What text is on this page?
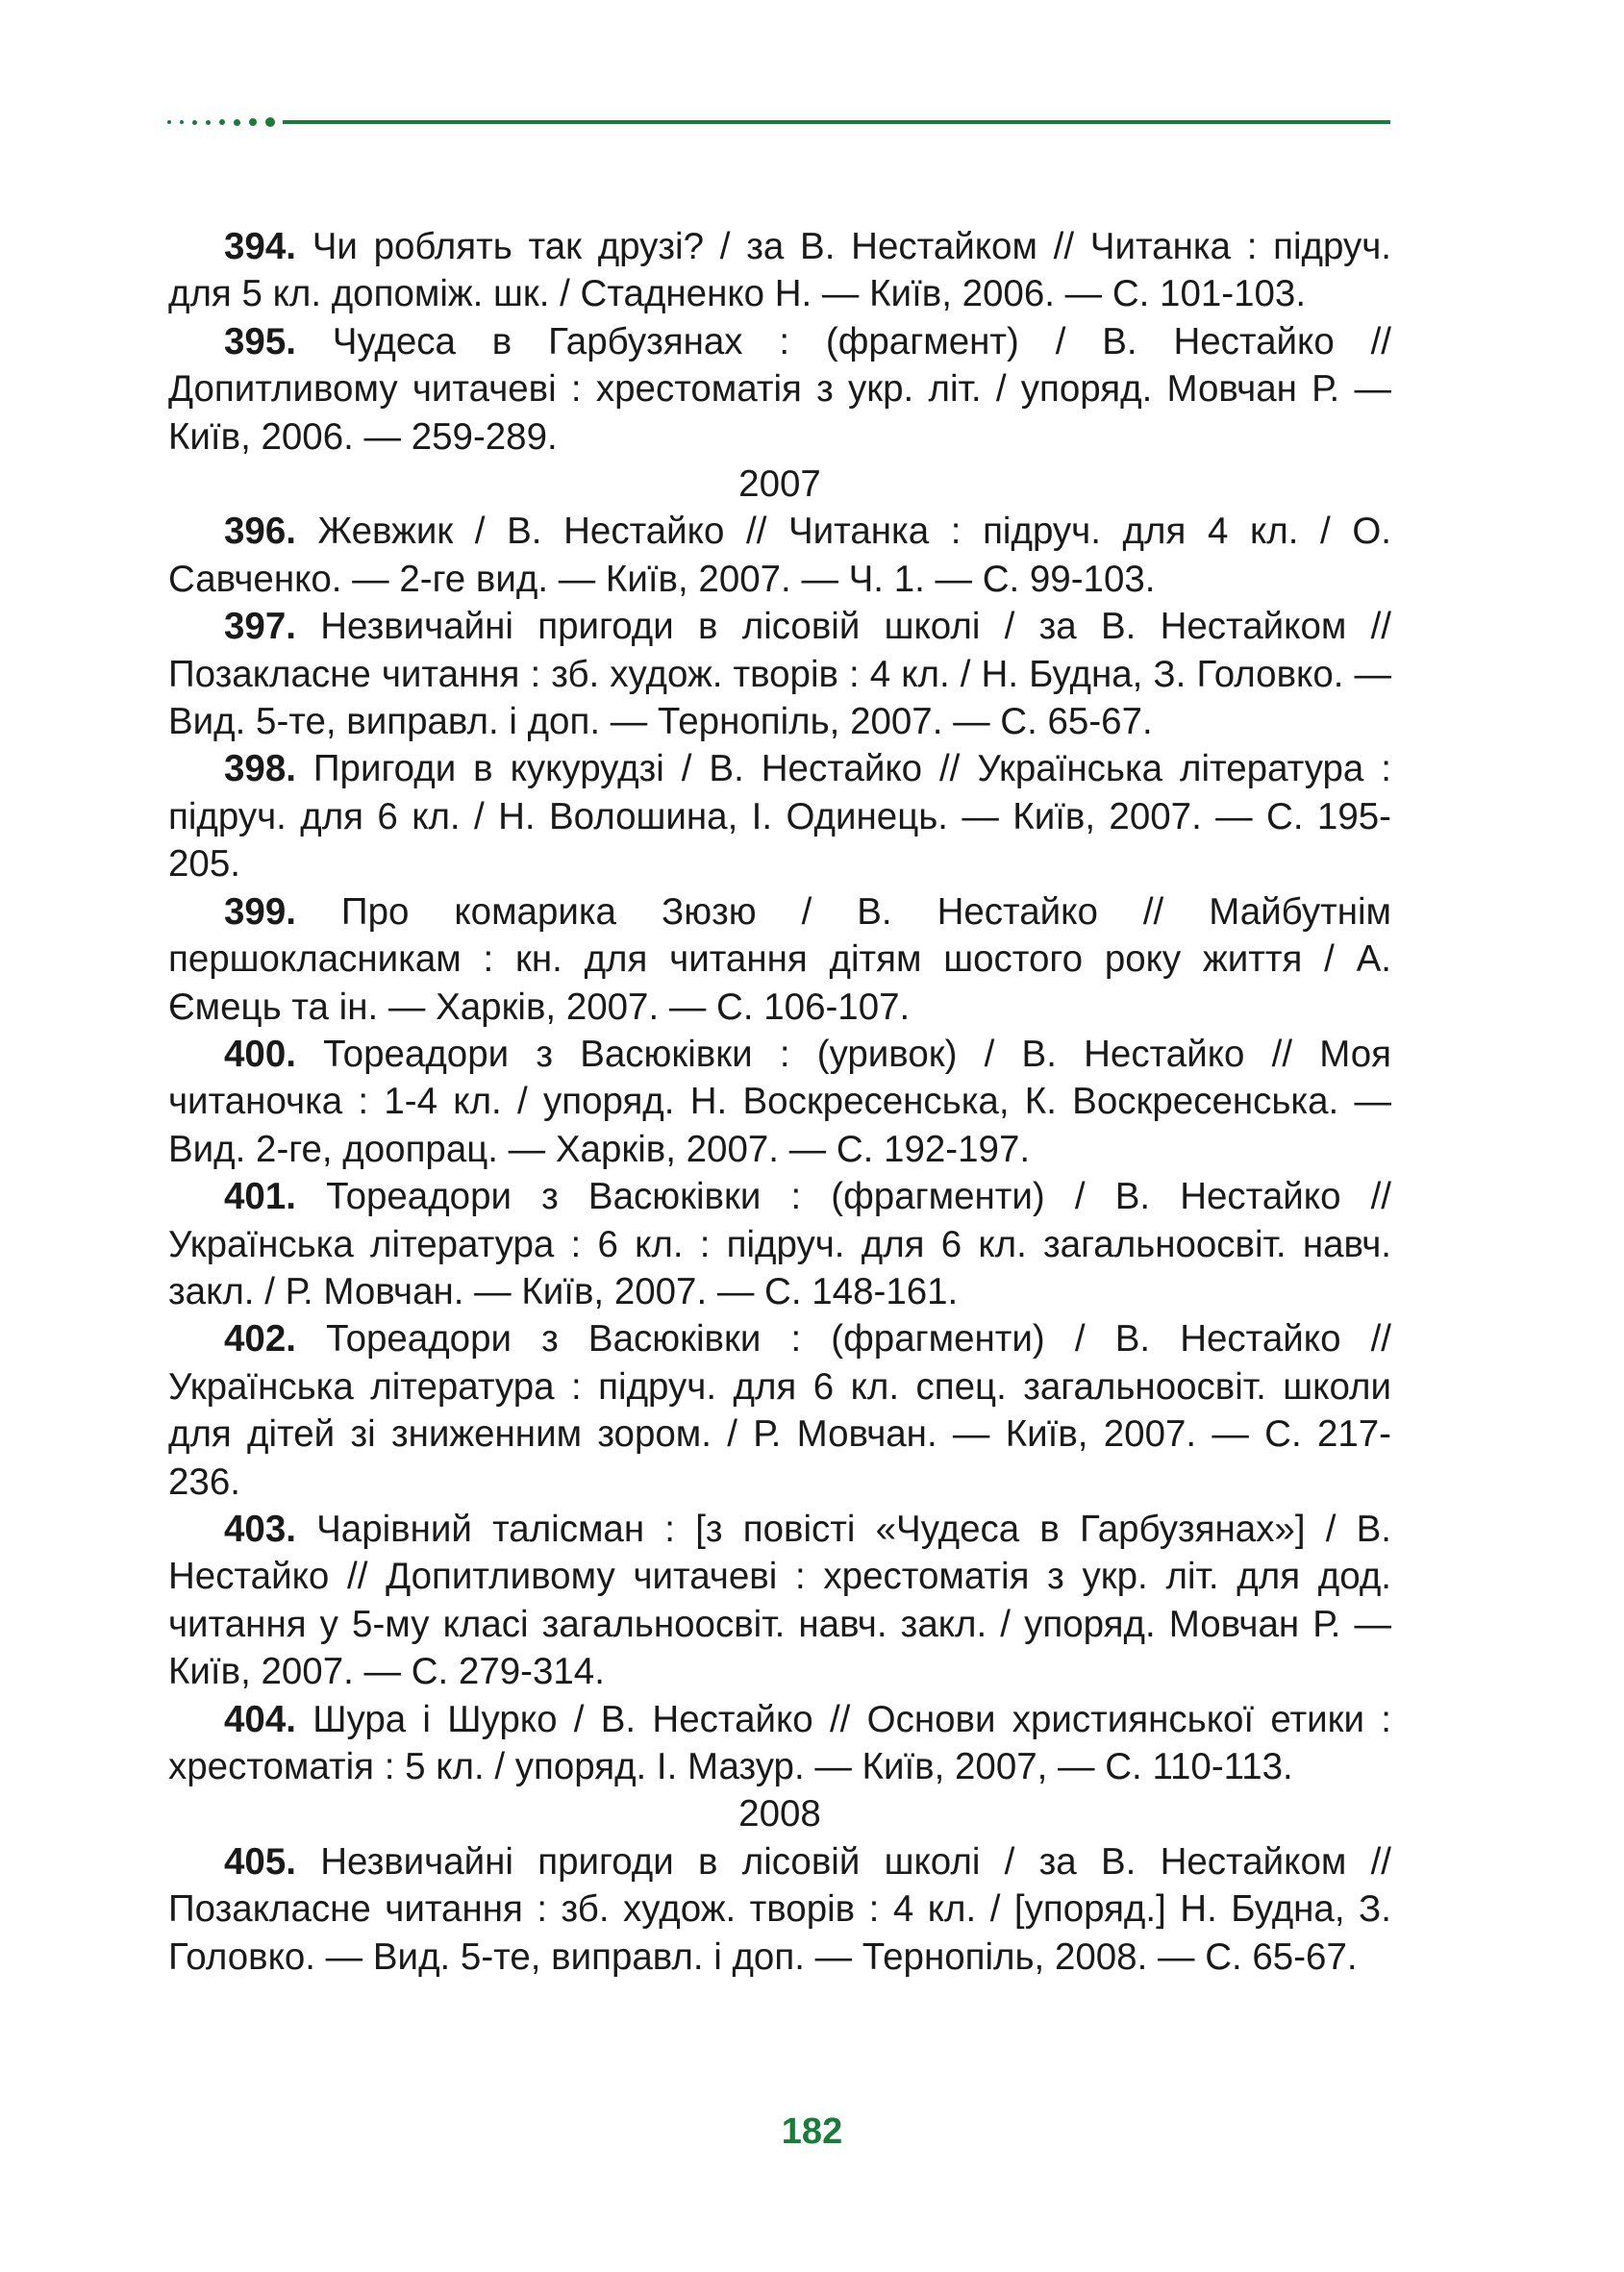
394. Чи роблять так друзі? / за В. Нестайком // Читанка : підруч. для 5 кл. допоміж. шк. / Стадненко Н. — Київ, 2006. — С. 101-103.

395. Чудеса в Гарбузянах : (фрагмент) / В. Нестайко // Допитливому читачеві : хрестоматія з укр. літ. / упоряд. Мовчан Р. — Київ, 2006. — 259-289.

2007

396. Жевжик / В. Нестайко // Читанка : підруч. для 4 кл. / О. Савченко. — 2-ге вид. — Київ, 2007. — Ч. 1. — С. 99-103.

397. Незвичайні пригоди в лісовій школі / за В. Нестайком // Позакласне читання : зб. худож. творів : 4 кл. / Н. Будна, З. Головко. — Вид. 5-те, виправл. і доп. — Тернопіль, 2007. — С. 65-67.

398. Пригоди в кукурудзі / В. Нестайко // Українська література : підруч. для 6 кл. / Н. Волошина, І. Одинець. — Київ, 2007. — С. 195-205.

399. Про комарика Зюзю / В. Нестайко // Майбутнім першокласникам : кн. для читання дітям шостого року життя / А. Ємець та ін. — Харків, 2007. — С. 106-107.

400. Тореадори з Васюківки : (уривок) / В. Нестайко // Моя читаночка : 1-4 кл. / упоряд. Н. Воскресенська, К. Воскресенська. — Вид. 2-ге, доопрац. — Харків, 2007. — С. 192-197.

401. Тореадори з Васюківки : (фрагменти) / В. Нестайко // Українська література : 6 кл. : підруч. для 6 кл. загальноосвіт. навч. закл. / Р. Мовчан. — Київ, 2007. — С. 148-161.

402. Тореадори з Васюківки : (фрагменти) / В. Нестайко // Українська література : підруч. для 6 кл. спец. загальноосвіт. школи для дітей зі зниженним зором. / Р. Мовчан. — Київ, 2007. — С. 217-236.

403. Чарівний талісман : [з повісті «Чудеса в Гарбузянах»] / В. Нестайко // Допитливому читачеві : хрестоматія з укр. літ. для дод. читання у 5-му класі загальноосвіт. навч. закл. / упоряд. Мовчан Р. — Київ, 2007. — С. 279-314.

404. Шура і Шурко / В. Нестайко // Основи християнської етики : хрестоматія : 5 кл. / упоряд. І. Мазур. — Київ, 2007, — С. 110-113.

2008

405. Незвичайні пригоди в лісовій школі / за В. Нестайком // Позакласне читання : зб. худож. творів : 4 кл. / [упоряд.] Н. Будна, З. Головко. — Вид. 5-те, виправл. і доп. — Тернопіль, 2008. — С. 65-67.

182
